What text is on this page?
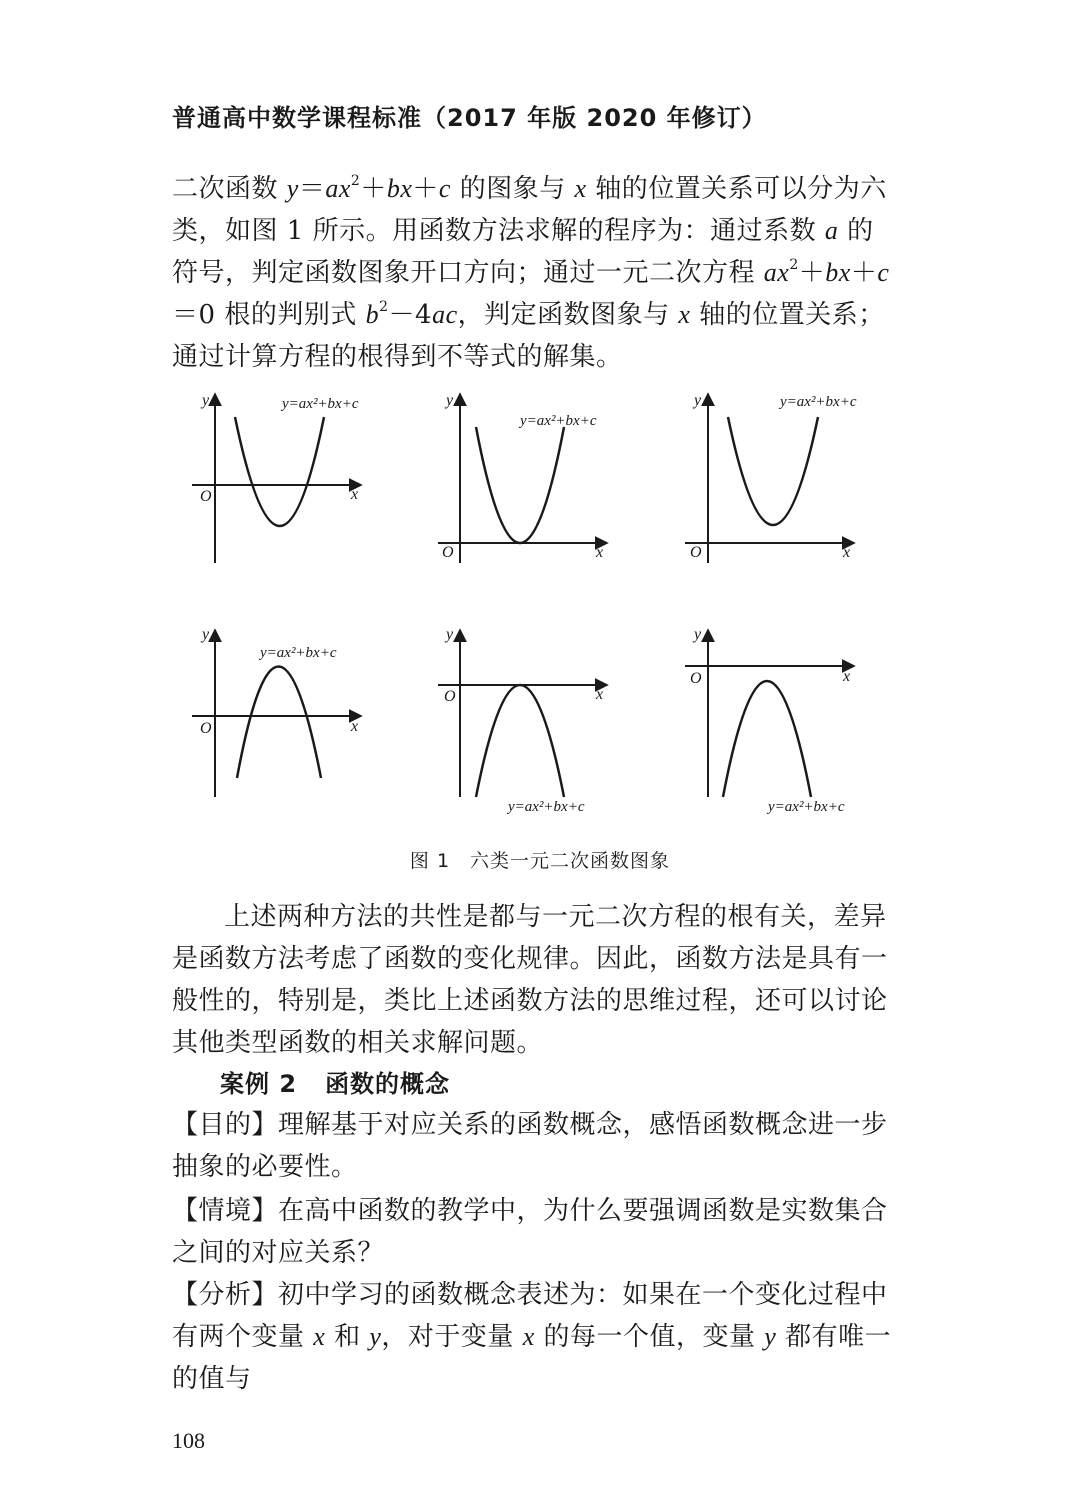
普通高中数学课程标准（2017 年版 2020 年修订）

二次函数 $y=ax^2+bx+c$ 的图象与 x 轴的位置关系可以分为六类，如图 1 所示。用函数方法求解的程序为：通过系数 a 的符号，判定函数图象开口方向；通过一元二次方程 $ax^2+bx+c=0$ 根的判别式 $b^2-4ac$，判定函数图象与 x 轴的位置关系；通过计算方程的根得到不等式的解集。

y
x
O
y=ax²+bx+c	y
x
O
y=ax²+bx+c
y
x
O
y=ax²+bx+c
y
x
O
y=ax²+bx+c
y
x
O
y=ax²+bx+c
y
x
O
y=ax²+bx+c
图 1　六类一元二次函数图象

上述两种方法的共性是都与一元二次方程的根有关，差异是函数方法考虑了函数的变化规律。因此，函数方法是具有一般性的，特别是，类比上述函数方法的思维过程，还可以讨论其他类型函数的相关求解问题。

案例 2 函数的概念

【目的】理解基于对应关系的函数概念，感悟函数概念进一步抽象的必要性。

【情境】在高中函数的教学中，为什么要强调函数是实数集合之间的对应关系？

【分析】初中学习的函数概念表述为：如果在一个变化过程中有两个变量 x 和 y，对于变量 x 的每一个值，变量 y 都有唯一的值与

108
